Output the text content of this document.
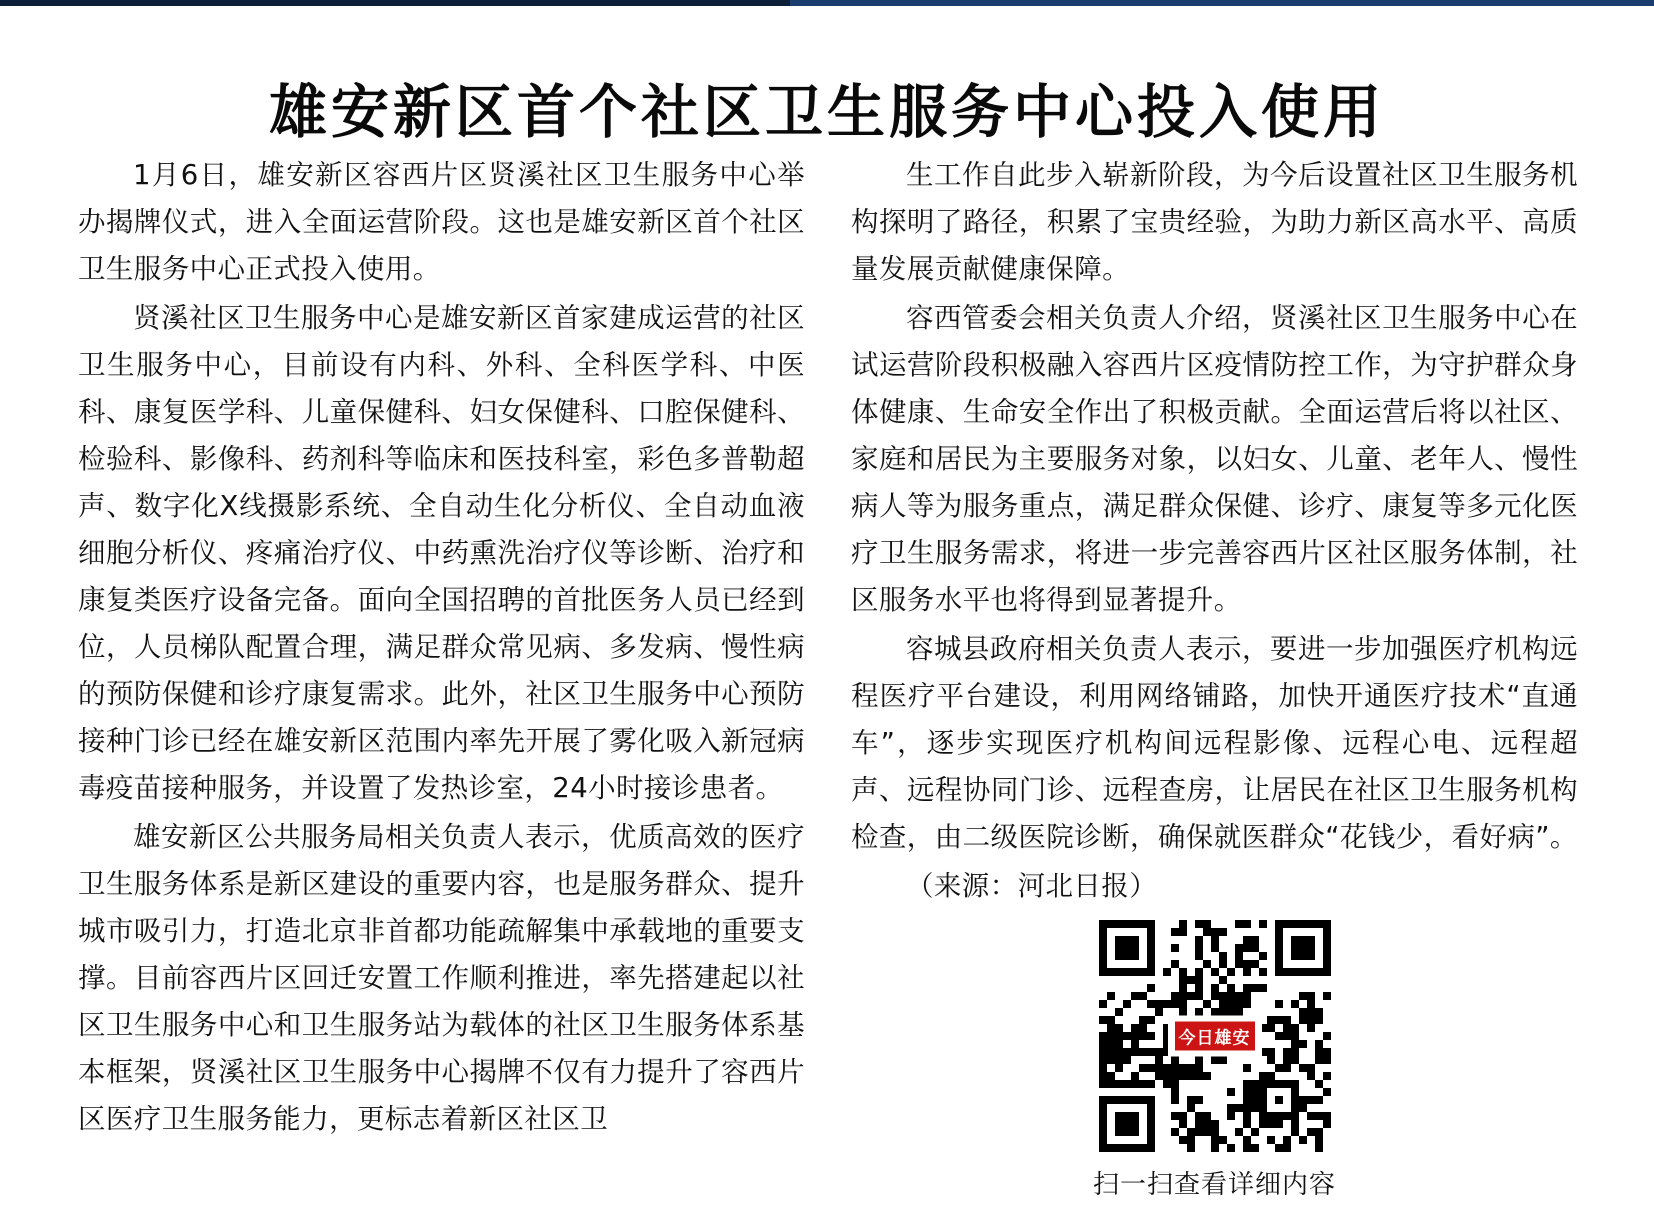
雄安新区首个社区卫生服务中心投入使用

1月6日，雄安新区容西片区贤溪社区卫生服务中心举办揭牌仪式，进入全面运营阶段。这也是雄安新区首个社区卫生服务中心正式投入使用。

贤溪社区卫生服务中心是雄安新区首家建成运营的社区卫生服务中心，目前设有内科、外科、全科医学科、中医科、康复医学科、儿童保健科、妇女保健科、口腔保健科、检验科、影像科、药剂科等临床和医技科室，彩色多普勒超声、数字化X线摄影系统、全自动生化分析仪、全自动血液细胞分析仪、疼痛治疗仪、中药熏洗治疗仪等诊断、治疗和康复类医疗设备完备。面向全国招聘的首批医务人员已经到位，人员梯队配置合理，满足群众常见病、多发病、慢性病的预防保健和诊疗康复需求。此外，社区卫生服务中心预防接种门诊已经在雄安新区范围内率先开展了雾化吸入新冠病毒疫苗接种服务，并设置了发热诊室，24小时接诊患者。

雄安新区公共服务局相关负责人表示，优质高效的医疗卫生服务体系是新区建设的重要内容，也是服务群众、提升城市吸引力，打造北京非首都功能疏解集中承载地的重要支撑。目前容西片区回迁安置工作顺利推进，率先搭建起以社区卫生服务中心和卫生服务站为载体的社区卫生服务体系基本框架，贤溪社区卫生服务中心揭牌不仅有力提升了容西片区医疗卫生服务能力，更标志着新区社区卫

生工作自此步入崭新阶段，为今后设置社区卫生服务机构探明了路径，积累了宝贵经验，为助力新区高水平、高质量发展贡献健康保障。

容西管委会相关负责人介绍，贤溪社区卫生服务中心在试运营阶段积极融入容西片区疫情防控工作，为守护群众身体健康、生命安全作出了积极贡献。全面运营后将以社区、家庭和居民为主要服务对象，以妇女、儿童、老年人、慢性病人等为服务重点，满足群众保健、诊疗、康复等多元化医疗卫生服务需求，将进一步完善容西片区社区服务体制，社区服务水平也将得到显著提升。

容城县政府相关负责人表示，要进一步加强医疗机构远程医疗平台建设，利用网络铺路，加快开通医疗技术“直通车”，逐步实现医疗机构间远程影像、远程心电、远程超声、远程协同门诊、远程查房，让居民在社区卫生服务机构检查，由二级医院诊断，确保就医群众“花钱少，看好病”。

（来源：河北日报）

今日雄安
扫一扫查看详细内容
